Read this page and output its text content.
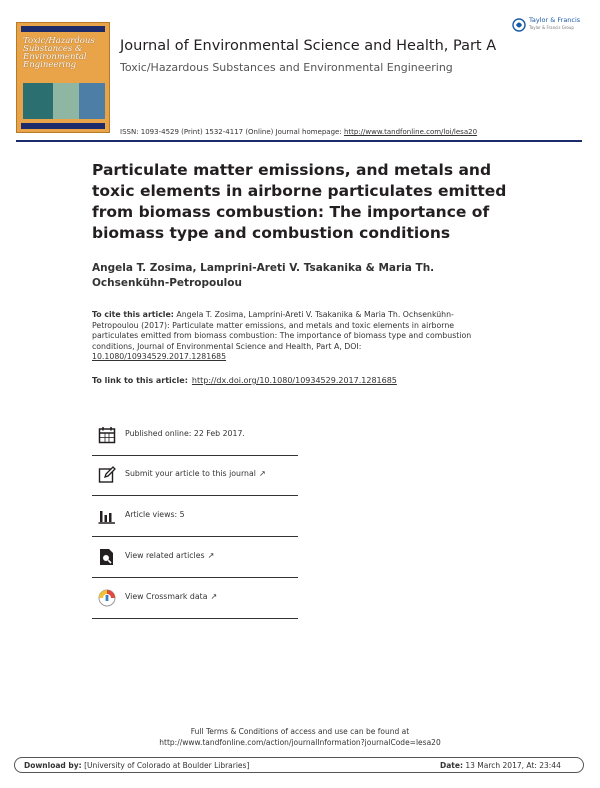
Toxic/Hazardous Substances & Environmental Engineering
Journal of Environmental Science and Health, Part A
Toxic/Hazardous Substances and Environmental Engineering
ISSN: 1093-4529 (Print) 1532-4117 (Online) Journal homepage: http://www.tandfonline.com/loi/lesa20
Taylor & Francis
Taylor & Francis Group
Particulate matter emissions, and metals and toxic elements in airborne particulates emitted from biomass combustion: The importance of biomass type and combustion conditions
Angela T. Zosima, Lamprini-Areti V. Tsakanika & Maria Th. Ochsenkühn-Petropoulou
To cite this article: Angela T. Zosima, Lamprini-Areti V. Tsakanika & Maria Th. Ochsenkühn-Petropoulou (2017): Particulate matter emissions, and metals and toxic elements in airborne particulates emitted from biomass combustion: The importance of biomass type and combustion conditions, Journal of Environmental Science and Health, Part A, DOI: 10.1080/10934529.2017.1281685
To link to this article: http://dx.doi.org/10.1080/10934529.2017.1281685
Published online: 22 Feb 2017.
Submit your article to this journal ↗
Article views: 5
View related articles ↗
View Crossmark data ↗
Full Terms & Conditions of access and use can be found at
http://www.tandfonline.com/action/journalInformation?journalCode=lesa20
Download by: [University of Colorado at Boulder Libraries]	Date: 13 March 2017, At: 23:44
